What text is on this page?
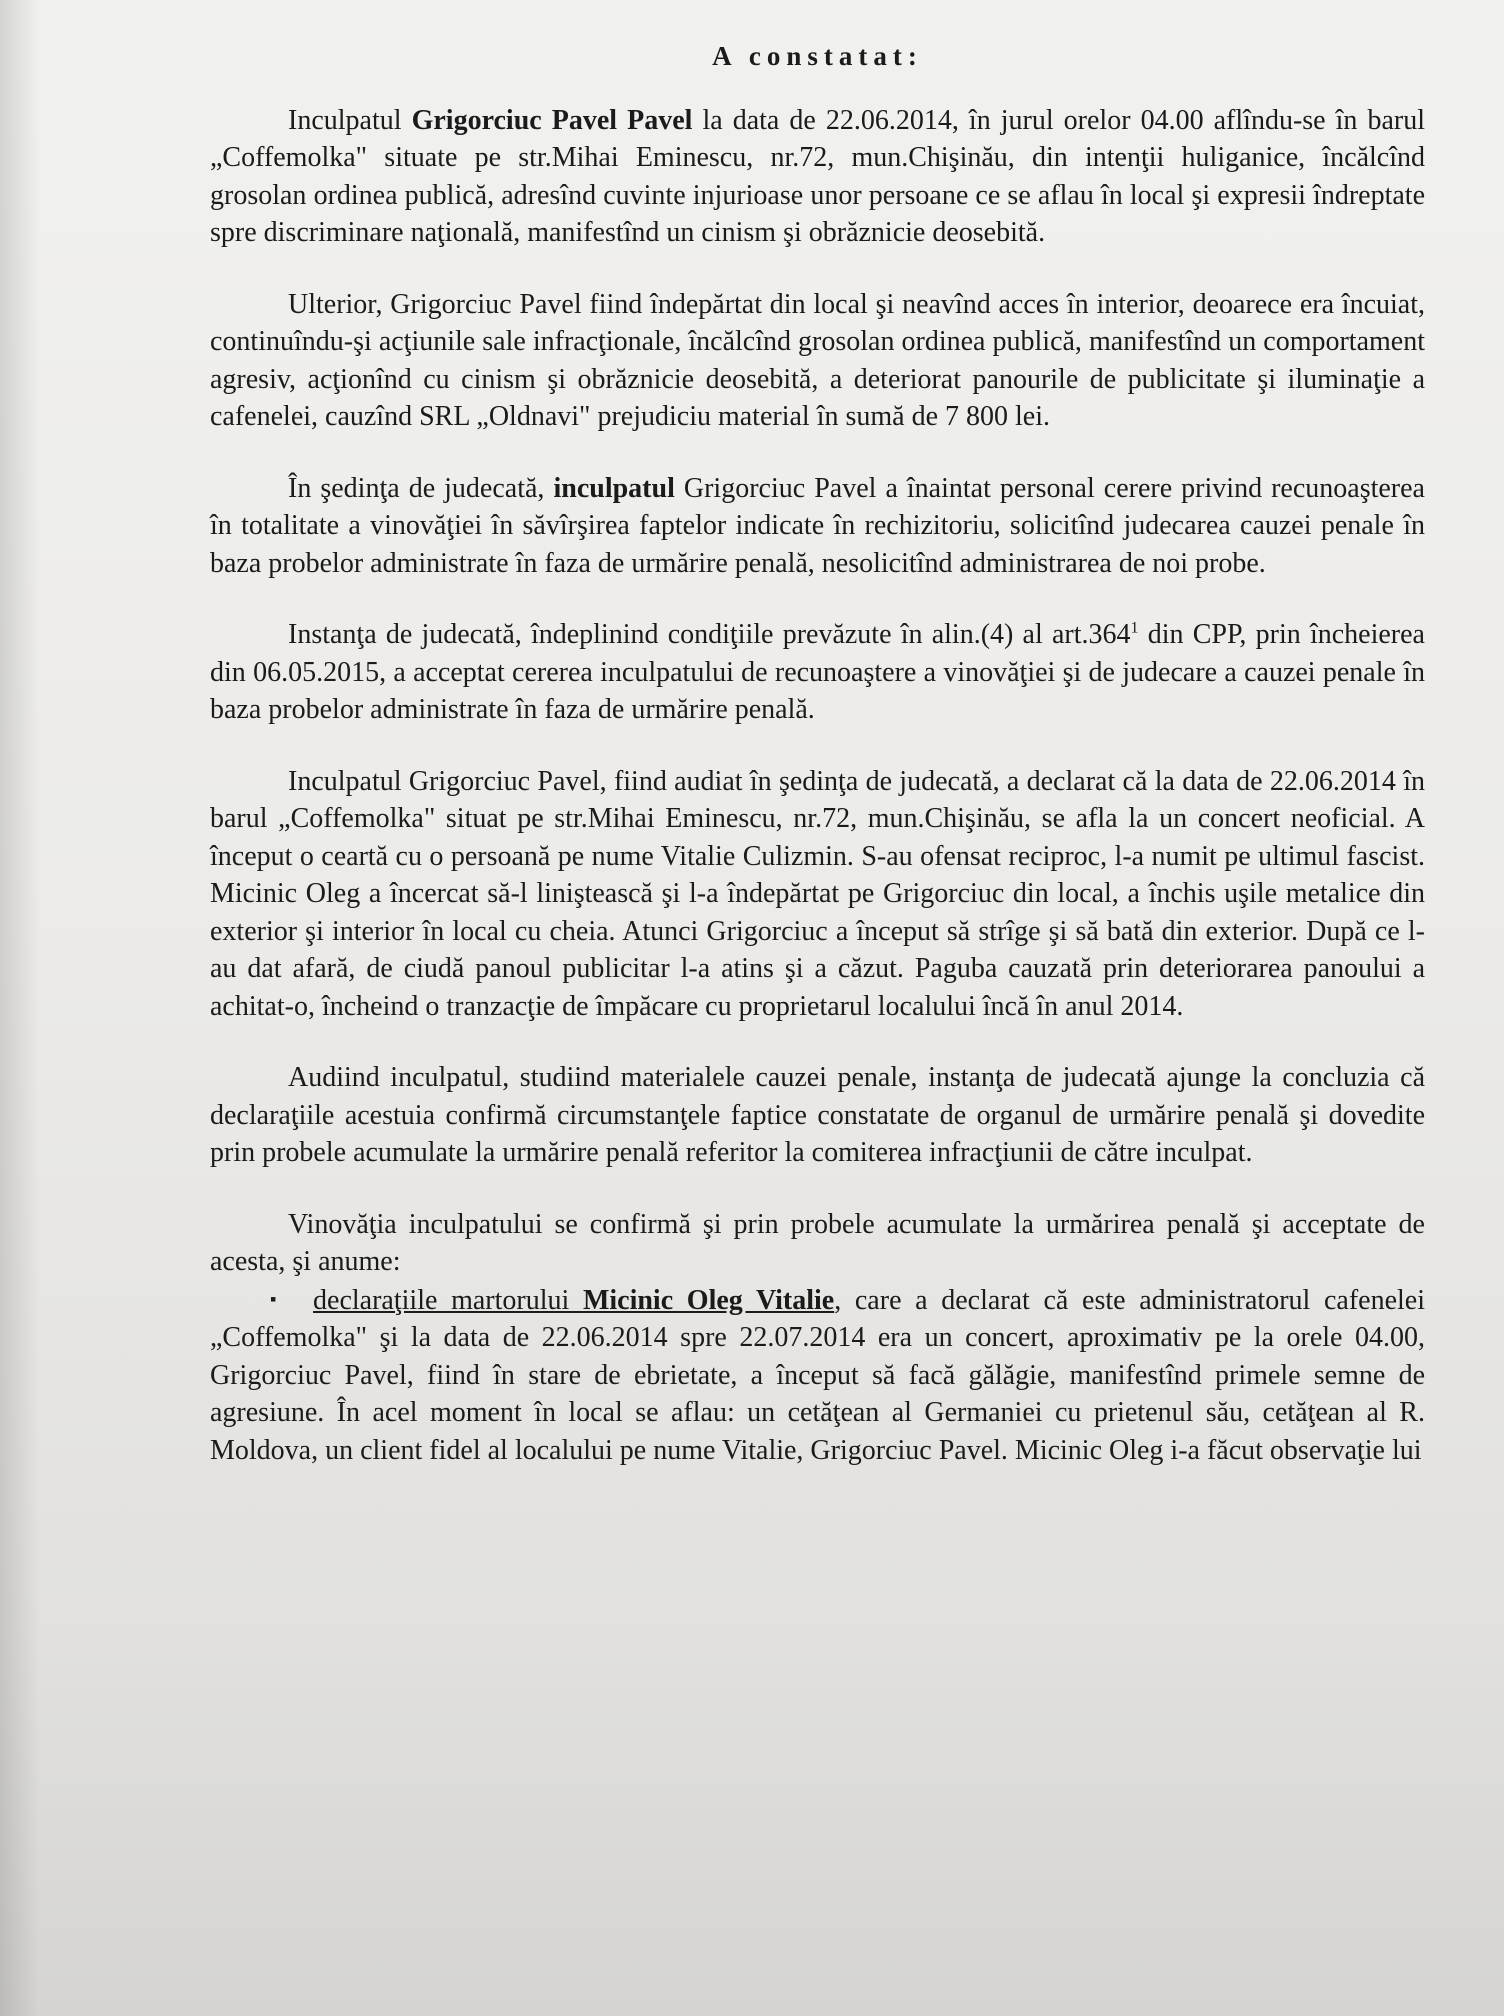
A constatat:

Inculpatul Grigorciuc Pavel Pavel la data de 22.06.2014, în jurul orelor 04.00 aflîndu-se în barul „Coffemolka" situate pe str.Mihai Eminescu, nr.72, mun.Chişinău, din intenţii huliganice, încălcînd grosolan ordinea publică, adresînd cuvinte injurioase unor persoane ce se aflau în local şi expresii îndreptate spre discriminare naţională, manifestînd un cinism şi obrăznicie deosebită.

Ulterior, Grigorciuc Pavel fiind îndepărtat din local şi neavînd acces în interior, deoarece era încuiat, continuîndu-şi acţiunile sale infracţionale, încălcînd grosolan ordinea publică, manifestînd un comportament agresiv, acţionînd cu cinism şi obrăznicie deosebită, a deteriorat panourile de publicitate şi iluminaţie a cafenelei, cauzînd SRL „Oldnavi" prejudiciu material în sumă de 7 800 lei.

În şedinţa de judecată, inculpatul Grigorciuc Pavel a înaintat personal cerere privind recunoaşterea în totalitate a vinovăţiei în săvîrşirea faptelor indicate în rechizitoriu, solicitînd judecarea cauzei penale în baza probelor administrate în faza de urmărire penală, nesolicitînd administrarea de noi probe.

Instanţa de judecată, îndeplinind condiţiile prevăzute în alin.(4) al art.364$^1$ din CPP, prin încheierea din 06.05.2015, a acceptat cererea inculpatului de recunoaştere a vinovăţiei şi de judecare a cauzei penale în baza probelor administrate în faza de urmărire penală.

Inculpatul Grigorciuc Pavel, fiind audiat în şedinţa de judecată, a declarat că la data de 22.06.2014 în barul „Coffemolka" situat pe str.Mihai Eminescu, nr.72, mun.Chişinău, se afla la un concert neoficial. A început o ceartă cu o persoană pe nume Vitalie Culizmin. S-au ofensat reciproc, l-a numit pe ultimul fascist. Micinic Oleg a încercat să-l liniştească şi l-a îndepărtat pe Grigorciuc din local, a închis uşile metalice din exterior şi interior în local cu cheia. Atunci Grigorciuc a început să strîge şi să bată din exterior. După ce l-au dat afară, de ciudă panoul publicitar l-a atins şi a căzut. Paguba cauzată prin deteriorarea panoului a achitat-o, încheind o tranzacţie de împăcare cu proprietarul localului încă în anul 2014.

Audiind inculpatul, studiind materialele cauzei penale, instanţa de judecată ajunge la concluzia că declaraţiile acestuia confirmă circumstanţele faptice constatate de organul de urmărire penală şi dovedite prin probele acumulate la urmărire penală referitor la comiterea infracţiunii de către inculpat.

Vinovăţia inculpatului se confirmă şi prin probele acumulate la urmărirea penală şi acceptate de acesta, şi anume:

▪ declaraţiile martorului Micinic Oleg Vitalie, care a declarat că este administratorul cafenelei „Coffemolka" şi la data de 22.06.2014 spre 22.07.2014 era un concert, aproximativ pe la orele 04.00, Grigorciuc Pavel, fiind în stare de ebrietate, a început să facă gălăgie, manifestînd primele semne de agresiune. În acel moment în local se aflau: un cetăţean al Germaniei cu prietenul său, cetăţean al R. Moldova, un client fidel al localului pe nume Vitalie, Grigorciuc Pavel. Micinic Oleg i-a făcut observaţie lui
